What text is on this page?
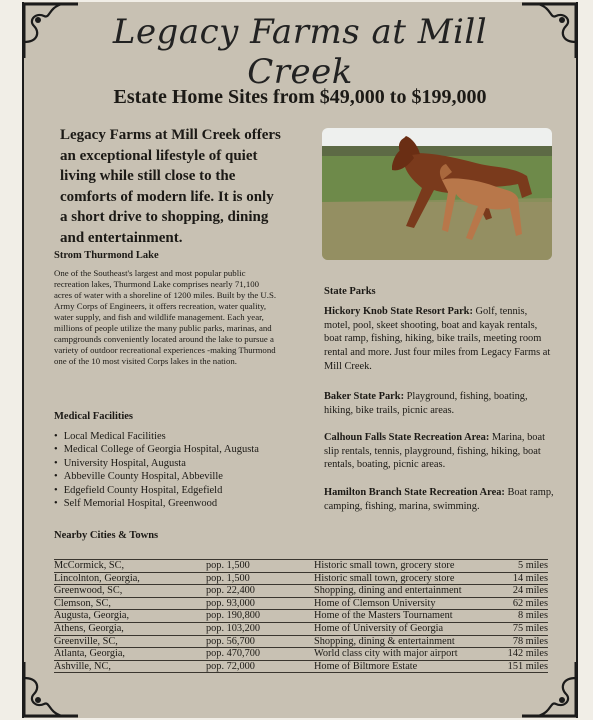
Legacy Farms at Mill Creek
Estate Home Sites from $49,000 to $199,000
Legacy Farms at Mill Creek offers an exceptional lifestyle of quiet living while still close to the comforts of modern life. It is only a short drive to shopping, dining and entertainment.
Strom Thurmond Lake
One of the Southeast's largest and most popular public recreation lakes, Thurmond Lake comprises nearly 71,100 acres of water with a shoreline of 1200 miles. Built by the U.S. Army Corps of Engineers, it offers recreation, water quality, water supply, and fish and wildlife management. Each year, millions of people utilize the many public parks, marinas, and campgrounds conveniently located around the lake to pursue a variety of outdoor recreational experiences -making Thurmond one of the 10 most visited Corps lakes in the nation.
Medical Facilities
• Local Medical Facilities
• Medical College of Georgia Hospital, Augusta
• University Hospital, Augusta
• Abbeville County Hospital, Abbeville
• Edgefield County Hospital, Edgefield
• Self Memorial Hospital, Greenwood
State Parks
Hickory Knob State Resort Park: Golf, tennis, motel, pool, skeet shooting, boat and kayak rentals, boat ramp, fishing, hiking, bike trails, meeting room rental and more. Just four miles from Legacy Farms at Mill Creek.
Baker State Park: Playground, fishing, boating, hiking, bike trails, picnic areas.
Calhoun Falls State Recreation Area: Marina, boat slip rentals, tennis, playground, fishing, hiking, boat rentals, boating, picnic areas.
Hamilton Branch State Recreation Area: Boat ramp, camping, fishing, marina, swimming.
Nearby Cities & Towns
McCormick, SC,	pop. 1,500	Historic small town, grocery store	5 miles
Lincolnton, Georgia,	pop. 1,500	Historic small town, grocery store	14 miles
Greenwood, SC,	pop. 22,400	Shopping, dining and entertainment	24 miles
Clemson, SC,	pop. 93,000	Home of Clemson University	62 miles
Augusta, Georgia,	pop. 190,800	Home of the Masters Tournament	8 miles
Athens, Georgia,	pop. 103,200	Home of University of Georgia	75 miles
Greenville, SC,	pop. 56,700	Shopping, dining & entertainment	78 miles
Atlanta, Georgia,	pop. 470,700	World class city with major airport	142 miles
Ashville, NC,	pop. 72,000	Home of Biltmore Estate	151 miles
